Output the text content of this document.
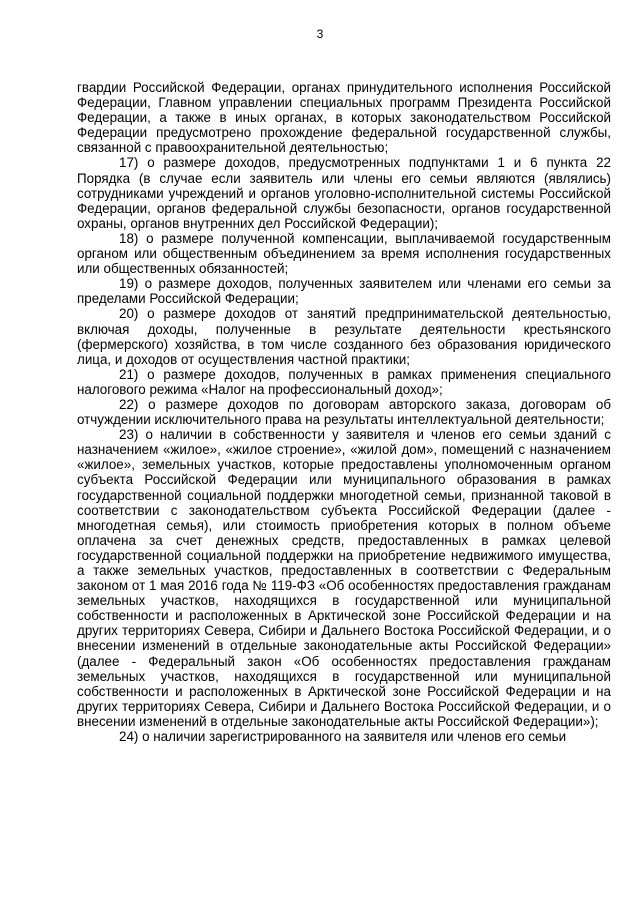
3

гвардии Российской Федерации, органах принудительного исполнения Российской Федерации, Главном управлении специальных программ Президента Российской Федерации, а также в иных органах, в которых законодательством Российской Федерации предусмотрено прохождение федеральной государственной службы, связанной с правоохранительной деятельностью;

17) о размере доходов, предусмотренных подпунктами 1 и 6 пункта 22 Порядка (в случае если заявитель или члены его семьи являются (являлись) сотрудниками учреждений и органов уголовно-исполнительной системы Российской Федерации, органов федеральной службы безопасности, органов государственной охраны, органов внутренних дел Российской Федерации);

18) о размере полученной компенсации, выплачиваемой государственным органом или общественным объединением за время исполнения государственных или общественных обязанностей;

19) о размере доходов, полученных заявителем или членами его семьи за пределами Российской Федерации;

20) о размере доходов от занятий предпринимательской деятельностью, включая доходы, полученные в результате деятельности крестьянского (фермерского) хозяйства, в том числе созданного без образования юридического лица, и доходов от осуществления частной практики;

21) о размере доходов, полученных в рамках применения специального налогового режима «Налог на профессиональный доход»;

22) о размере доходов по договорам авторского заказа, договорам об отчуждении исключительного права на результаты интеллектуальной деятельности;

23) о наличии в собственности у заявителя и членов его семьи зданий с назначением «жилое», «жилое строение», «жилой дом», помещений с назначением «жилое», земельных участков, которые предоставлены уполномоченным органом субъекта Российской Федерации или муниципального образования в рамках государственной социальной поддержки многодетной семьи, признанной таковой в соответствии с законодательством субъекта Российской Федерации (далее - многодетная семья), или стоимость приобретения которых в полном объеме оплачена за счет денежных средств, предоставленных в рамках целевой государственной социальной поддержки на приобретение недвижимого имущества, а также земельных участков, предоставленных в соответствии с Федеральным законом от 1 мая 2016 года № 119-ФЗ «Об особенностях предоставления гражданам земельных участков, находящихся в государственной или муниципальной собственности и расположенных в Арктической зоне Российской Федерации и на других территориях Севера, Сибири и Дальнего Востока Российской Федерации, и о внесении изменений в отдельные законодательные акты Российской Федерации» (далее - Федеральный закон «Об особенностях предоставления гражданам земельных участков, находящихся в государственной или муниципальной собственности и расположенных в Арктической зоне Российской Федерации и на других территориях Севера, Сибири и Дальнего Востока Российской Федерации, и о внесении изменений в отдельные законодательные акты Российской Федерации»);

24) о наличии зарегистрированного на заявителя или членов его семьи
